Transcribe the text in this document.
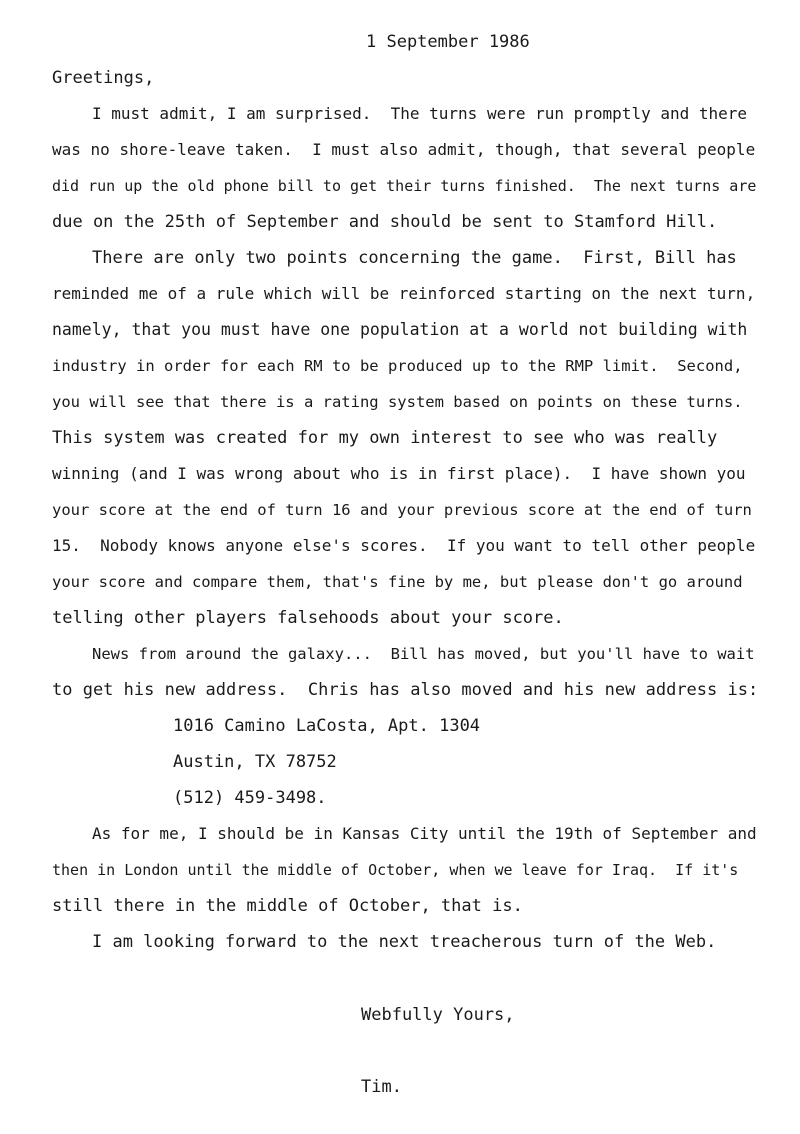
1 September 1986
Greetings,
I must admit, I am surprised.  The turns were run promptly and there
was no shore-leave taken.  I must also admit, though, that several people
did run up the old phone bill to get their turns finished.  The next turns are
due on the 25th of September and should be sent to Stamford Hill.
There are only two points concerning the game.  First, Bill has
reminded me of a rule which will be reinforced starting on the next turn,
namely, that you must have one population at a world not building with
industry in order for each RM to be produced up to the RMP limit.  Second,
you will see that there is a rating system based on points on these turns.
This system was created for my own interest to see who was really
winning (and I was wrong about who is in first place).  I have shown you
your score at the end of turn 16 and your previous score at the end of turn
15.  Nobody knows anyone else's scores.  If you want to tell other people
your score and compare them, that's fine by me, but please don't go around
telling other players falsehoods about your score.
News from around the galaxy...  Bill has moved, but you'll have to wait
to get his new address.  Chris has also moved and his new address is:
1016 Camino LaCosta, Apt. 1304
Austin, TX 78752
(512) 459-3498.
As for me, I should be in Kansas City until the 19th of September and
then in London until the middle of October, when we leave for Iraq.  If it's
still there in the middle of October, that is.
I am looking forward to the next treacherous turn of the Web.
Webfully Yours,
Tim.
